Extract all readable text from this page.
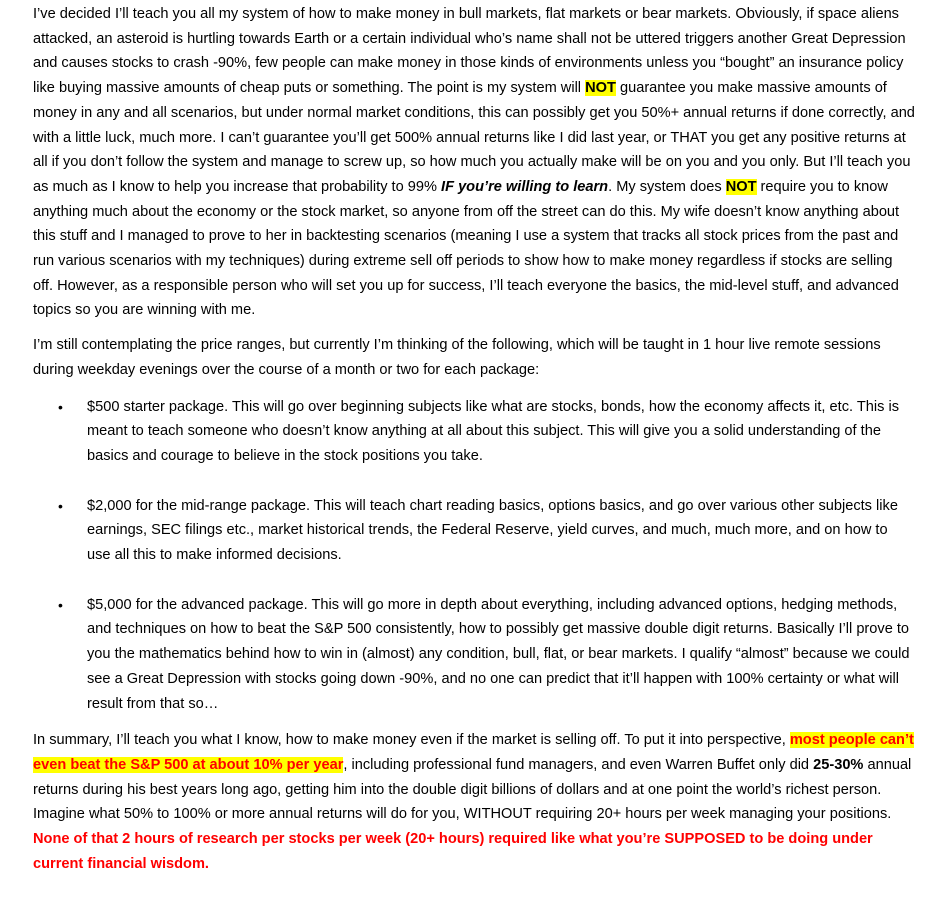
I’ve decided I’ll teach you all my system of how to make money in bull markets, flat markets or bear markets. Obviously, if space aliens attacked, an asteroid is hurtling towards Earth or a certain individual who’s name shall not be uttered triggers another Great Depression and causes stocks to crash -90%, few people can make money in those kinds of environments unless you “bought” an insurance policy like buying massive amounts of cheap puts or something. The point is my system will NOT guarantee you make massive amounts of money in any and all scenarios, but under normal market conditions, this can possibly get you 50%+ annual returns if done correctly, and with a little luck, much more. I can’t guarantee you’ll get 500% annual returns like I did last year, or THAT you get any positive returns at all if you don’t follow the system and manage to screw up, so how much you actually make will be on you and you only. But I’ll teach you as much as I know to help you increase that probability to 99% IF you’re willing to learn. My system does NOT require you to know anything much about the economy or the stock market, so anyone from off the street can do this. My wife doesn’t know anything about this stuff and I managed to prove to her in backtesting scenarios (meaning I use a system that tracks all stock prices from the past and run various scenarios with my techniques) during extreme sell off periods to show how to make money regardless if stocks are selling off. However, as a responsible person who will set you up for success, I’ll teach everyone the basics, the mid-level stuff, and advanced topics so you are winning with me.

I’m still contemplating the price ranges, but currently I’m thinking of the following, which will be taught in 1 hour live remote sessions during weekday evenings over the course of a month or two for each package:

• $500 starter package. This will go over beginning subjects like what are stocks, bonds, how the economy affects it, etc. This is meant to teach someone who doesn’t know anything at all about this subject. This will give you a solid understanding of the basics and courage to believe in the stock positions you take.
• $2,000 for the mid-range package. This will teach chart reading basics, options basics, and go over various other subjects like earnings, SEC filings etc., market historical trends, the Federal Reserve, yield curves, and much, much more, and on how to use all this to make informed decisions.
• $5,000 for the advanced package. This will go more in depth about everything, including advanced options, hedging methods, and techniques on how to beat the S&P 500 consistently, how to possibly get massive double digit returns. Basically I’ll prove to you the mathematics behind how to win in (almost) any condition, bull, flat, or bear markets. I qualify “almost” because we could see a Great Depression with stocks going down -90%, and no one can predict that it’ll happen with 100% certainty or what will result from that so…

In summary, I’ll teach you what I know, how to make money even if the market is selling off. To put it into perspective, most people can’t even beat the S&P 500 at about 10% per year, including professional fund managers, and even Warren Buffet only did 25-30% annual returns during his best years long ago, getting him into the double digit billions of dollars and at one point the world’s richest person. Imagine what 50% to 100% or more annual returns will do for you, WITHOUT requiring 20+ hours per week managing your positions. None of that 2 hours of research per stocks per week (20+ hours) required like what you’re SUPPOSED to be doing under current financial wisdom.
